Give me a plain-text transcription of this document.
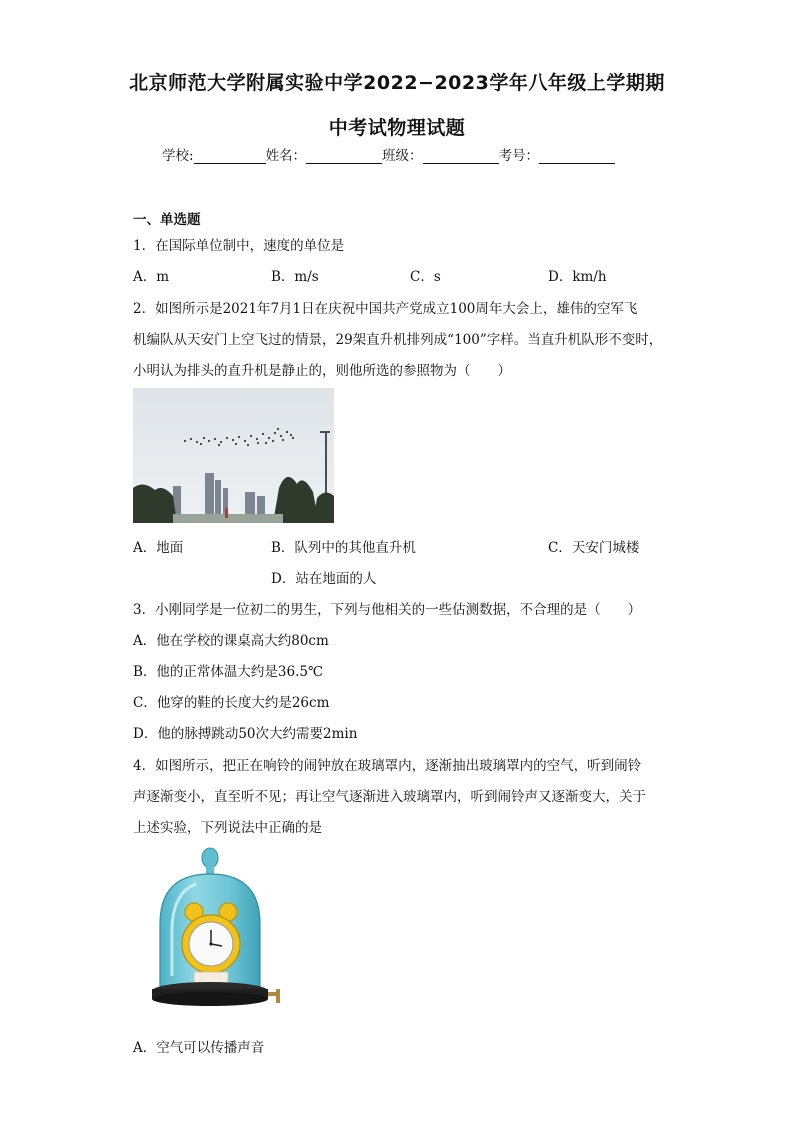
北京师范大学附属实验中学2022−2023学年八年级上学期期
中考试物理试题
学校:	姓名：	班级：	考号：
一、单选题
1．在国际单位制中，速度的单位是
A．m	B．m/s	C．s	D．km/h
2．如图所示是2021年7月1日在庆祝中国共产党成立100周年大会上，雄伟的空军飞
机编队从天安门上空飞过的情景，29架直升机排列成“100”字样。当直升机队形不变时，
小明认为排头的直升机是静止的，则他所选的参照物为（　　）
A．地面	B．队列中的其他直升机	C．天安门城楼
D．站在地面的人
3．小刚同学是一位初二的男生，下列与他相关的一些估测数据，不合理的是（　　）
A．他在学校的课桌高大约80cm
B．他的正常体温大约是36.5℃
C．他穿的鞋的长度大约是26cm
D．他的脉搏跳动50次大约需要2min
4．如图所示，把正在响铃的闹钟放在玻璃罩内，逐渐抽出玻璃罩内的空气，听到闹铃
声逐渐变小，直至听不见；再让空气逐渐进入玻璃罩内，听到闹铃声又逐渐变大，关于
上述实验，下列说法中正确的是
A．空气可以传播声音
